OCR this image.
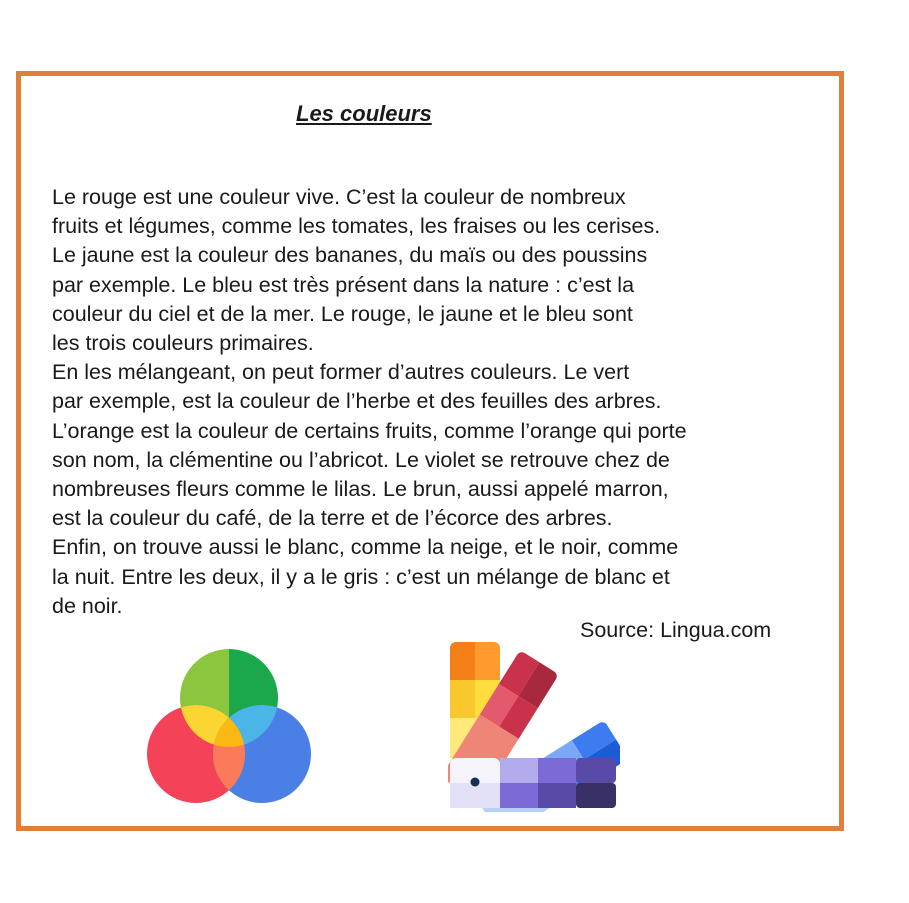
Les couleurs

Le rouge est une couleur vive. C’est la couleur de nombreux
fruits et légumes, comme les tomates, les fraises ou les cerises.
Le jaune est la couleur des bananes, du maïs ou des poussins
par exemple. Le bleu est très présent dans la nature : c’est la
couleur du ciel et de la mer. Le rouge, le jaune et le bleu sont
les trois couleurs primaires.
En les mélangeant, on peut former d’autres couleurs. Le vert
par exemple, est la couleur de l’herbe et des feuilles des arbres.
L’orange est la couleur de certains fruits, comme l’orange qui porte
son nom, la clémentine ou l’abricot. Le violet se retrouve chez de
nombreuses fleurs comme le lilas. Le brun, aussi appelé marron,
est la couleur du café, de la terre et de l’écorce des arbres.
Enfin, on trouve aussi le blanc, comme la neige, et le noir, comme
la nuit. Entre les deux, il y a le gris : c’est un mélange de blanc et
de noir.

Source: Lingua.com
